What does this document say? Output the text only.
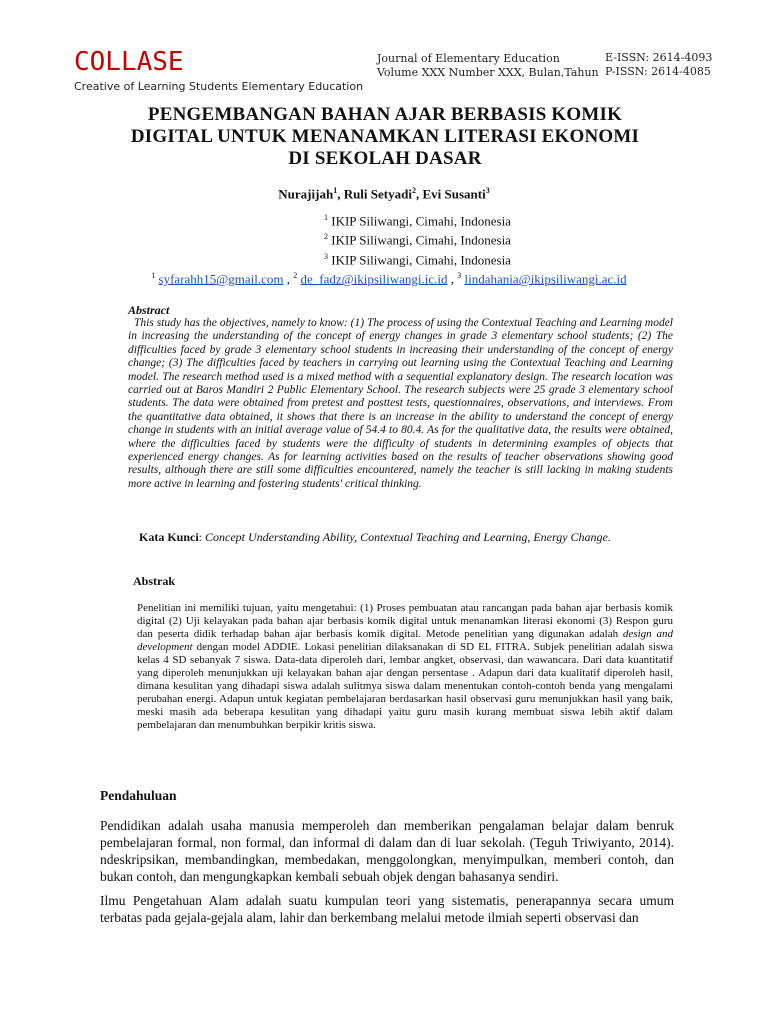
COLLASE
Creative of Learning Students Elementary Education
Journal of Elementary Education
Volume XXX Number XXX, Bulan,Tahun
E-ISSN: 2614-4093
P-ISSN: 2614-4085
PENGEMBANGAN BAHAN AJAR BERBASIS KOMIK
DIGITAL UNTUK MENANAMKAN LITERASI EKONOMI
DI SEKOLAH DASAR
Nurajijah$^1$, Ruli Setyadi$^2$, Evi Susanti$^3$
$^1$ IKIP Siliwangi, Cimahi, Indonesia
$^2$ IKIP Siliwangi, Cimahi, Indonesia
$^3$ IKIP Siliwangi, Cimahi, Indonesia
$^1$ syfarahh15@gmail.com , $^2$ de_fadz@ikipsiliwangi.ic.id , $^3$ lindahania@ikipsiliwangi.ac.id
Abstract
This study has the objectives, namely to know: (1) The process of using the Contextual Teaching and Learning model in increasing the understanding of the concept of energy changes in grade 3 elementary school students; (2) The difficulties faced by grade 3 elementary school students in increasing their understanding of the concept of energy change; (3) The difficulties faced by teachers in carrying out learning using the Contextual Teaching and Learning model. The research method used is a mixed method with a sequential explanatory design. The research location was carried out at Baros Mandiri 2 Public Elementary School. The research subjects were 25 grade 3 elementary school students. The data were obtained from pretest and posttest tests, questionnaires, observations, and interviews. From the quantitative data obtained, it shows that there is an increase in the ability to understand the concept of energy change in students with an initial average value of 54.4 to 80.4. As for the qualitative data, the results were obtained, where the difficulties faced by students were the difficulty of students in determining examples of objects that experienced energy changes. As for learning activities based on the results of teacher observations showing good results, although there are still some difficulties encountered, namely the teacher is still lacking in making students more active in learning and fostering students' critical thinking.
Kata Kunci: Concept Understanding Ability, Contextual Teaching and Learning, Energy Change.
Abstrak
Penelitian ini memiliki tujuan, yaitu mengetahui: (1) Proses pembuatan atau rancangan pada bahan ajar berbasis komik digital (2) Uji kelayakan pada bahan ajar berbasis komik digital untuk menanamkan literasi ekonomi (3) Respon guru dan peserta didik terhadap bahan ajar berbasis komik digital. Metode penelitian yang digunakan adalah design and development dengan model ADDIE. Lokasi penelitian dilaksanakan di SD EL FITRA. Subjek penelitian adalah siswa kelas 4 SD sebanyak 7 siswa. Data-data diperoleh dari, lembar angket, observasi, dan wawancara. Dari data kuantitatif yang diperoleh menunjukkan uji kelayakan bahan ajar dengan persentase . Adapun dari data kualitatif diperoleh hasil, dimana kesulitan yang dihadapi siswa adalah sulitmya siswa dalam menentukan contoh-contoh benda yang mengalami perubahan energi. Adapun untuk kegiatan pembelajaran berdasarkan hasil observasi guru menunjukkan hasil yang baik, meski masih ada beberapa kesulitan yang dihadapi yaitu guru masih kurang membuat siswa lebih aktif dalam pembelajaran dan menumbuhkan berpikir kritis siswa.
Pendahuluan
Pendidikan adalah usaha manusia memperoleh dan memberikan pengalaman belajar dalam benruk pembelajaran formal, non formal, dan informal di dalam dan di luar sekolah. (Teguh Triwiyanto, 2014). ndeskripsikan, membandingkan, membedakan, menggolongkan, menyimpulkan, memberi contoh, dan bukan contoh, dan mengungkapkan kembali sebuah objek dengan bahasanya sendiri.
Ilmu Pengetahuan Alam adalah suatu kumpulan teori yang sistematis, penerapannya secara umum terbatas pada gejala-gejala alam, lahir dan berkembang melalui metode ilmiah seperti observasi dan
